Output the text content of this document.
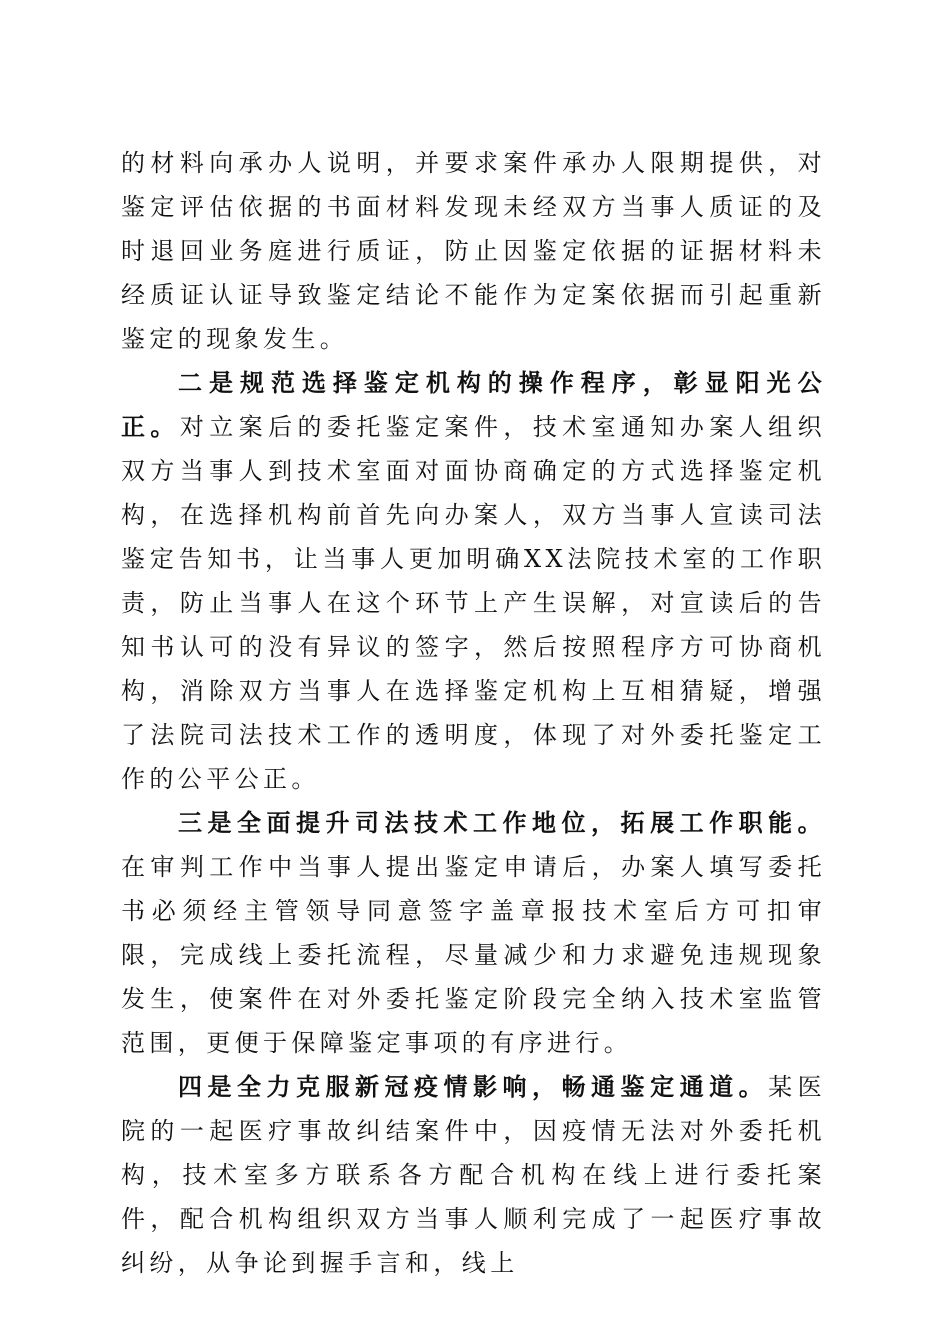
的材料向承办人说明，并要求案件承办人限期提供，对鉴定评估依据的书面材料发现未经双方当事人质证的及时退回业务庭进行质证，防止因鉴定依据的证据材料未经质证认证导致鉴定结论不能作为定案依据而引起重新鉴定的现象发生。

二是规范选择鉴定机构的操作程序，彰显阳光公正。对立案后的委托鉴定案件，技术室通知办案人组织双方当事人到技术室面对面协商确定的方式选择鉴定机构，在选择机构前首先向办案人，双方当事人宣读司法鉴定告知书，让当事人更加明确XX法院技术室的工作职责，防止当事人在这个环节上产生误解，对宣读后的告知书认可的没有异议的签字，然后按照程序方可协商机构，消除双方当事人在选择鉴定机构上互相猜疑，增强了法院司法技术工作的透明度，体现了对外委托鉴定工作的公平公正。

三是全面提升司法技术工作地位，拓展工作职能。在审判工作中当事人提出鉴定申请后，办案人填写委托书必须经主管领导同意签字盖章报技术室后方可扣审限，完成线上委托流程，尽量减少和力求避免违规现象发生，使案件在对外委托鉴定阶段完全纳入技术室监管范围，更便于保障鉴定事项的有序进行。

四是全力克服新冠疫情影响，畅通鉴定通道。某医院的一起医疗事故纠结案件中，因疫情无法对外委托机构，技术室多方联系各方配合机构在线上进行委托案件，配合机构组织双方当事人顺利完成了一起医疗事故纠纷，从争论到握手言和，线上
